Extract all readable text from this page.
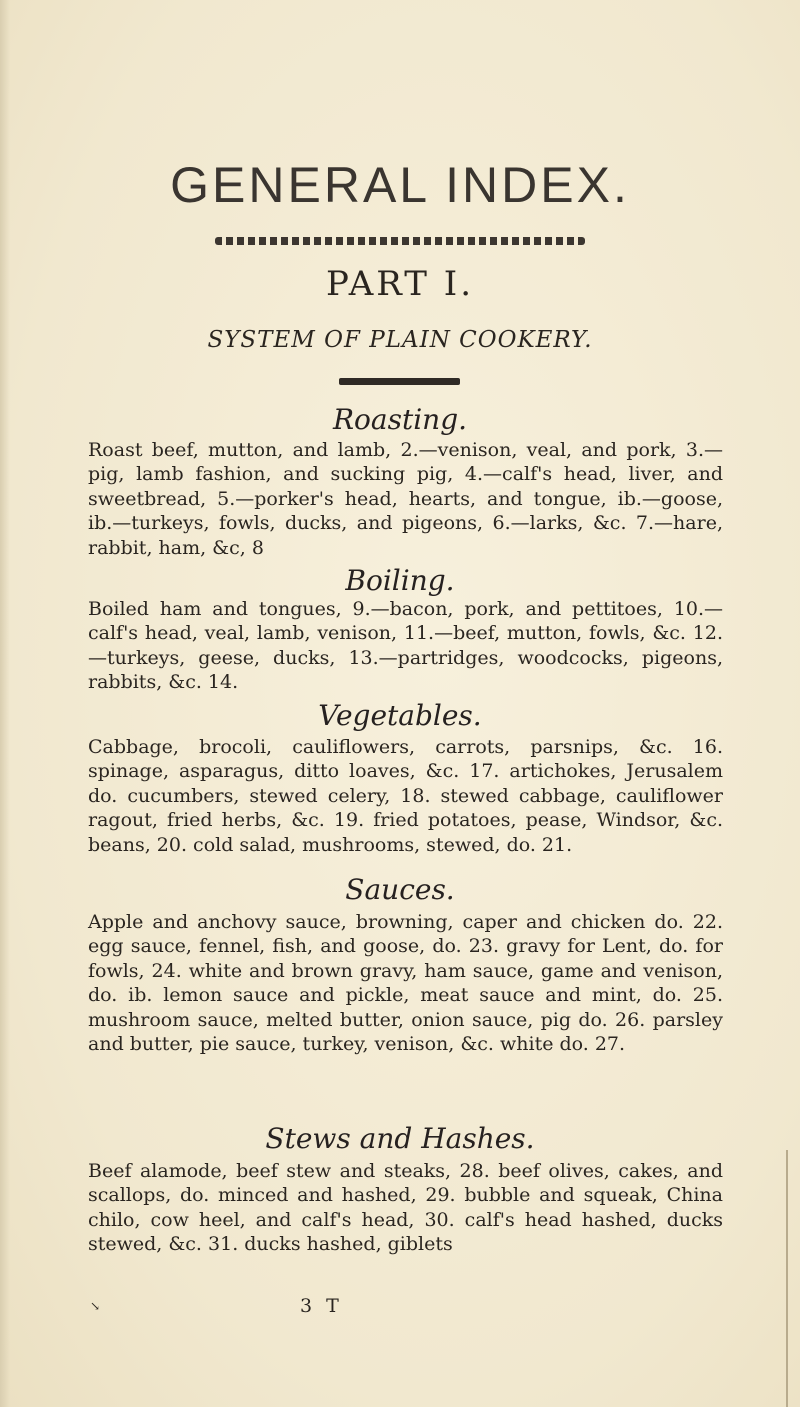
GENERAL INDEX.
PART I.
SYSTEM OF PLAIN COOKERY.
Roasting.
Roast beef, mutton, and lamb, 2.—venison, veal, and pork, 3.—pig, lamb fashion, and sucking pig, 4.—calf's head, liver, and sweetbread, 5.—porker's head, hearts, and tongue, ib.—goose, ib.—turkeys, fowls, ducks, and pigeons, 6.—larks, &c. 7.—hare, rabbit, ham, &c, 8
Boiling.
Boiled ham and tongues, 9.—bacon, pork, and pettitoes, 10.—calf's head, veal, lamb, venison, 11.—beef, mutton, fowls, &c. 12.—turkeys, geese, ducks, 13.—partridges, woodcocks, pigeons, rabbits, &c. 14.
Vegetables.
Cabbage, brocoli, cauliflowers, carrots, parsnips, &c. 16. spinage, asparagus, ditto loaves, &c. 17. artichokes, Jerusalem do. cucumbers, stewed celery, 18. stewed cabbage, cauliflower ragout, fried herbs, &c. 19. fried potatoes, pease, Windsor, &c. beans, 20. cold salad, mushrooms, stewed, do. 21.
Sauces.
Apple and anchovy sauce, browning, caper and chicken do. 22. egg sauce, fennel, fish, and goose, do. 23. gravy for Lent, do. for fowls, 24. white and brown gravy, ham sauce, game and venison, do. ib. lemon sauce and pickle, meat sauce and mint, do. 25. mushroom sauce, melted butter, onion sauce, pig do. 26. parsley and butter, pie sauce, turkey, venison, &c. white do. 27.
Stews and Hashes.
Beef alamode, beef stew and steaks, 28. beef olives, cakes, and scallops, do. minced and hashed, 29. bubble and squeak, China chilo, cow heel, and calf's head, 30. calf's head hashed, ducks stewed, &c. 31. ducks hashed, giblets
↘	3 T
